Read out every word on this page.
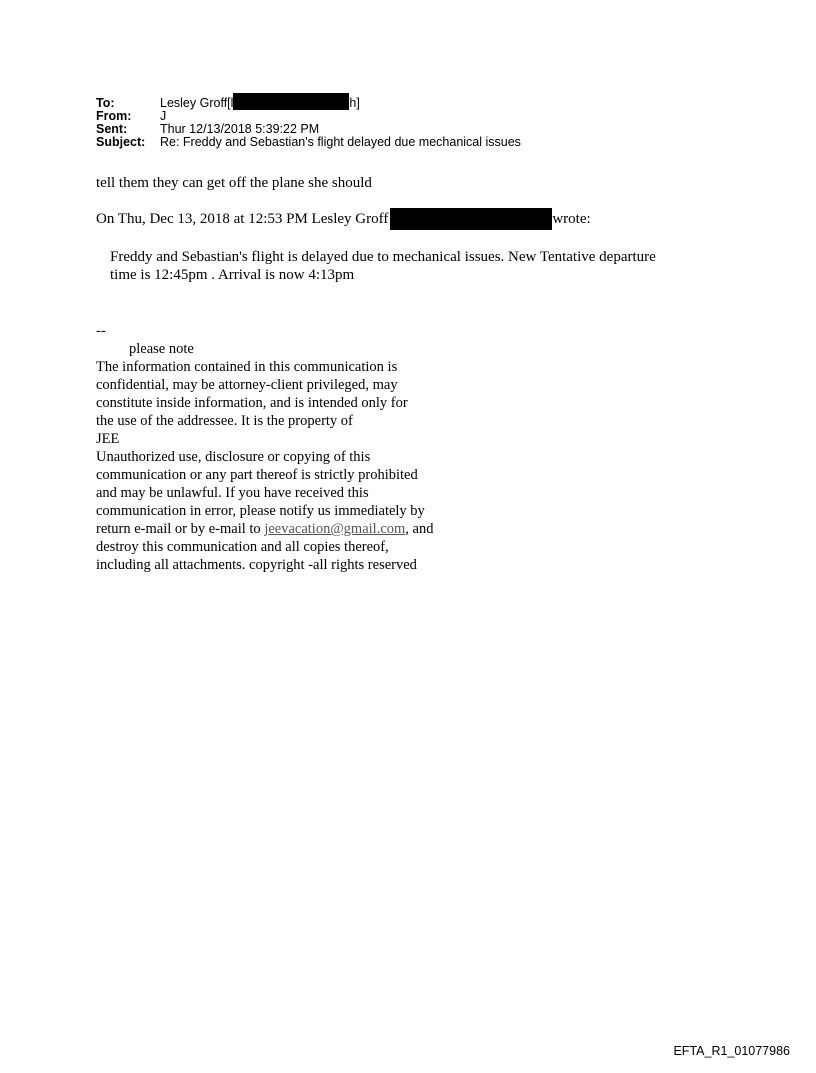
To:	Lesley Groff[l	h]
From:	J
Sent:	Thur 12/13/2018 5:39:22 PM
Subject:	Re: Freddy and Sebastian's flight delayed due mechanical issues
tell them they can get off the plane she should
On Thu, Dec 13, 2018 at 12:53 PM Lesley Groff	wrote:
Freddy and Sebastian's flight is delayed due to mechanical issues. New Tentative departure
time is 12:45pm . Arrival is now 4:13pm
--
please note
The information contained in this communication is
confidential, may be attorney-client privileged, may
constitute inside information, and is intended only for
the use of the addressee. It is the property of
JEE
Unauthorized use, disclosure or copying of this
communication or any part thereof is strictly prohibited
and may be unlawful. If you have received this
communication in error, please notify us immediately by
return e-mail or by e-mail to jeevacation@gmail.com, and
destroy this communication and all copies thereof,
including all attachments. copyright -all rights reserved
EFTA_R1_01077986
